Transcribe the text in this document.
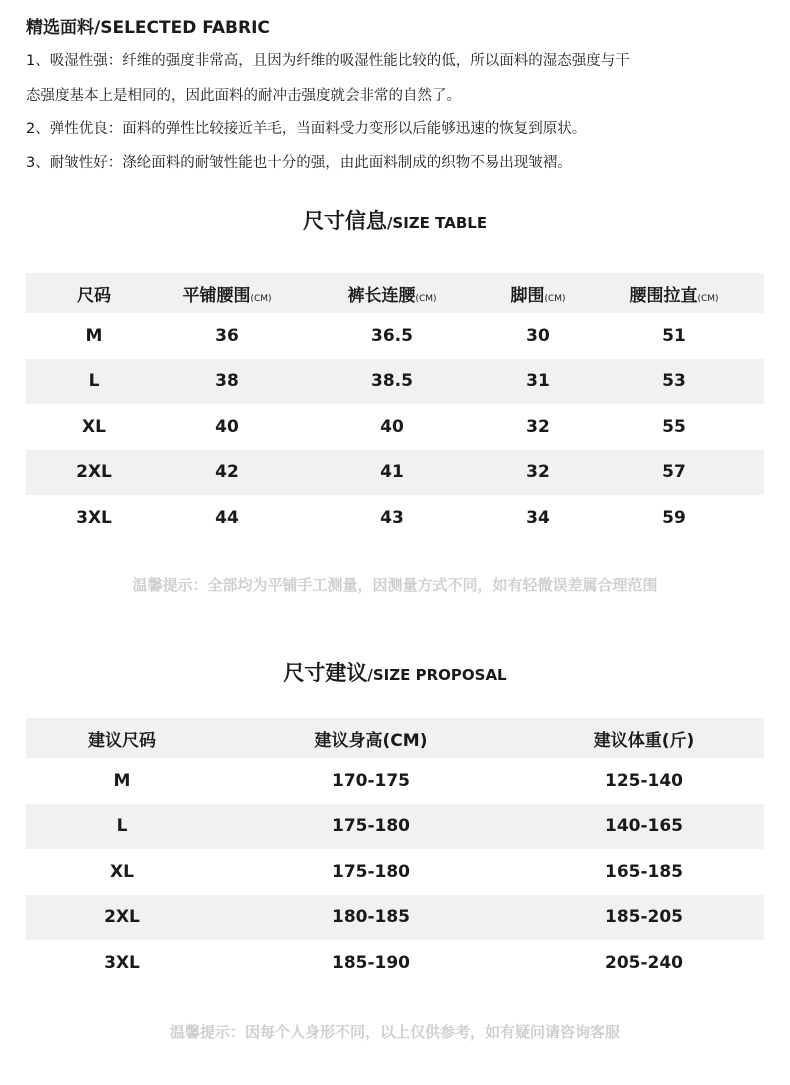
精选面料/SELECTED FABRIC
1、吸湿性强：纤维的强度非常高，且因为纤维的吸湿性能比较的低，所以面料的湿态强度与干
态强度基本上是相同的，因此面料的耐冲击强度就会非常的自然了。
2、弹性优良：面料的弹性比较接近羊毛，当面料受力变形以后能够迅速的恢复到原状。
3、耐皱性好：涤纶面料的耐皱性能也十分的强，由此面料制成的织物不易出现皱褶。
尺寸信息/SIZE TABLE
尺码	平铺腰围(CM)	裤长连腰(CM)	脚围(CM)	腰围拉直(CM)
M	36	36.5	30	51
L	38	38.5	31	53
XL	40	40	32	55
2XL	42	41	32	57
3XL	44	43	34	59
温馨提示：全部均为平铺手工测量，因测量方式不同，如有轻微误差属合理范围
尺寸建议/SIZE PROPOSAL
建议尺码	建议身高(CM)	建议体重(斤)
M	170-175	125-140
L	175-180	140-165
XL	175-180	165-185
2XL	180-185	185-205
3XL	185-190	205-240
温馨提示：因每个人身形不同，以上仅供参考，如有疑问请咨询客服
